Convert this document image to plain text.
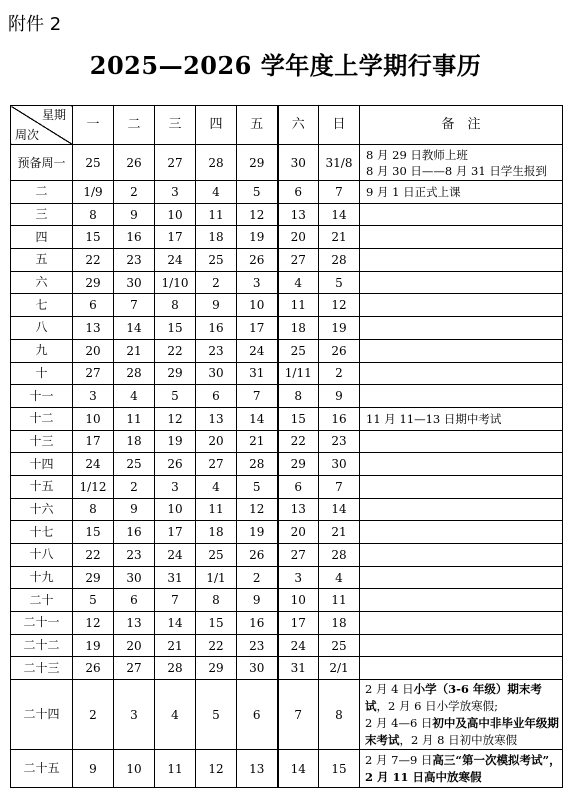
附件 2
2025—2026 学年度上学期行事历
星期
周次	一	二	三	四	五	六	日	备　注
预备周一	25	26	27	28	29	30	31/8	8 月 29 日教师上班
8 月 30 日——8 月 31 日学生报到

二	1/9	2	3	4	5	6	7	9 月 1 日正式上课

三	8	9	10	11	12	13	14	
四	15	16	17	18	19	20	21	
五	22	23	24	25	26	27	28	
六	29	30	1/10	2	3	4	5	
七	6	7	8	9	10	11	12	
八	13	14	15	16	17	18	19	
九	20	21	22	23	24	25	26	
十	27	28	29	30	31	1/11	2	
十一	3	4	5	6	7	8	9	
十二	10	11	12	13	14	15	16	11 月 11—13 日期中考试

十三	17	18	19	20	21	22	23	
十四	24	25	26	27	28	29	30	
十五	1/12	2	3	4	5	6	7	
十六	8	9	10	11	12	13	14	
十七	15	16	17	18	19	20	21	
十八	22	23	24	25	26	27	28	
十九	29	30	31	1/1	2	3	4	
二十	5	6	7	8	9	10	11	
二十一	12	13	14	15	16	17	18	
二十二	19	20	21	22	23	24	25	
二十三	26	27	28	29	30	31	2/1	
二十四	2	3	4	5	6	7	8	2 月 4 日小学（3-6 年级）期末考试，2 月 6 日小学放寒假;
2 月 4—6 日初中及高中非毕业年级期末考试，2 月 8 日初中放寒假
二十五	9	10	11	12	13	14	15	2 月 7—9 日高三“第一次模拟考试”，2 月 11 日高中放寒假
